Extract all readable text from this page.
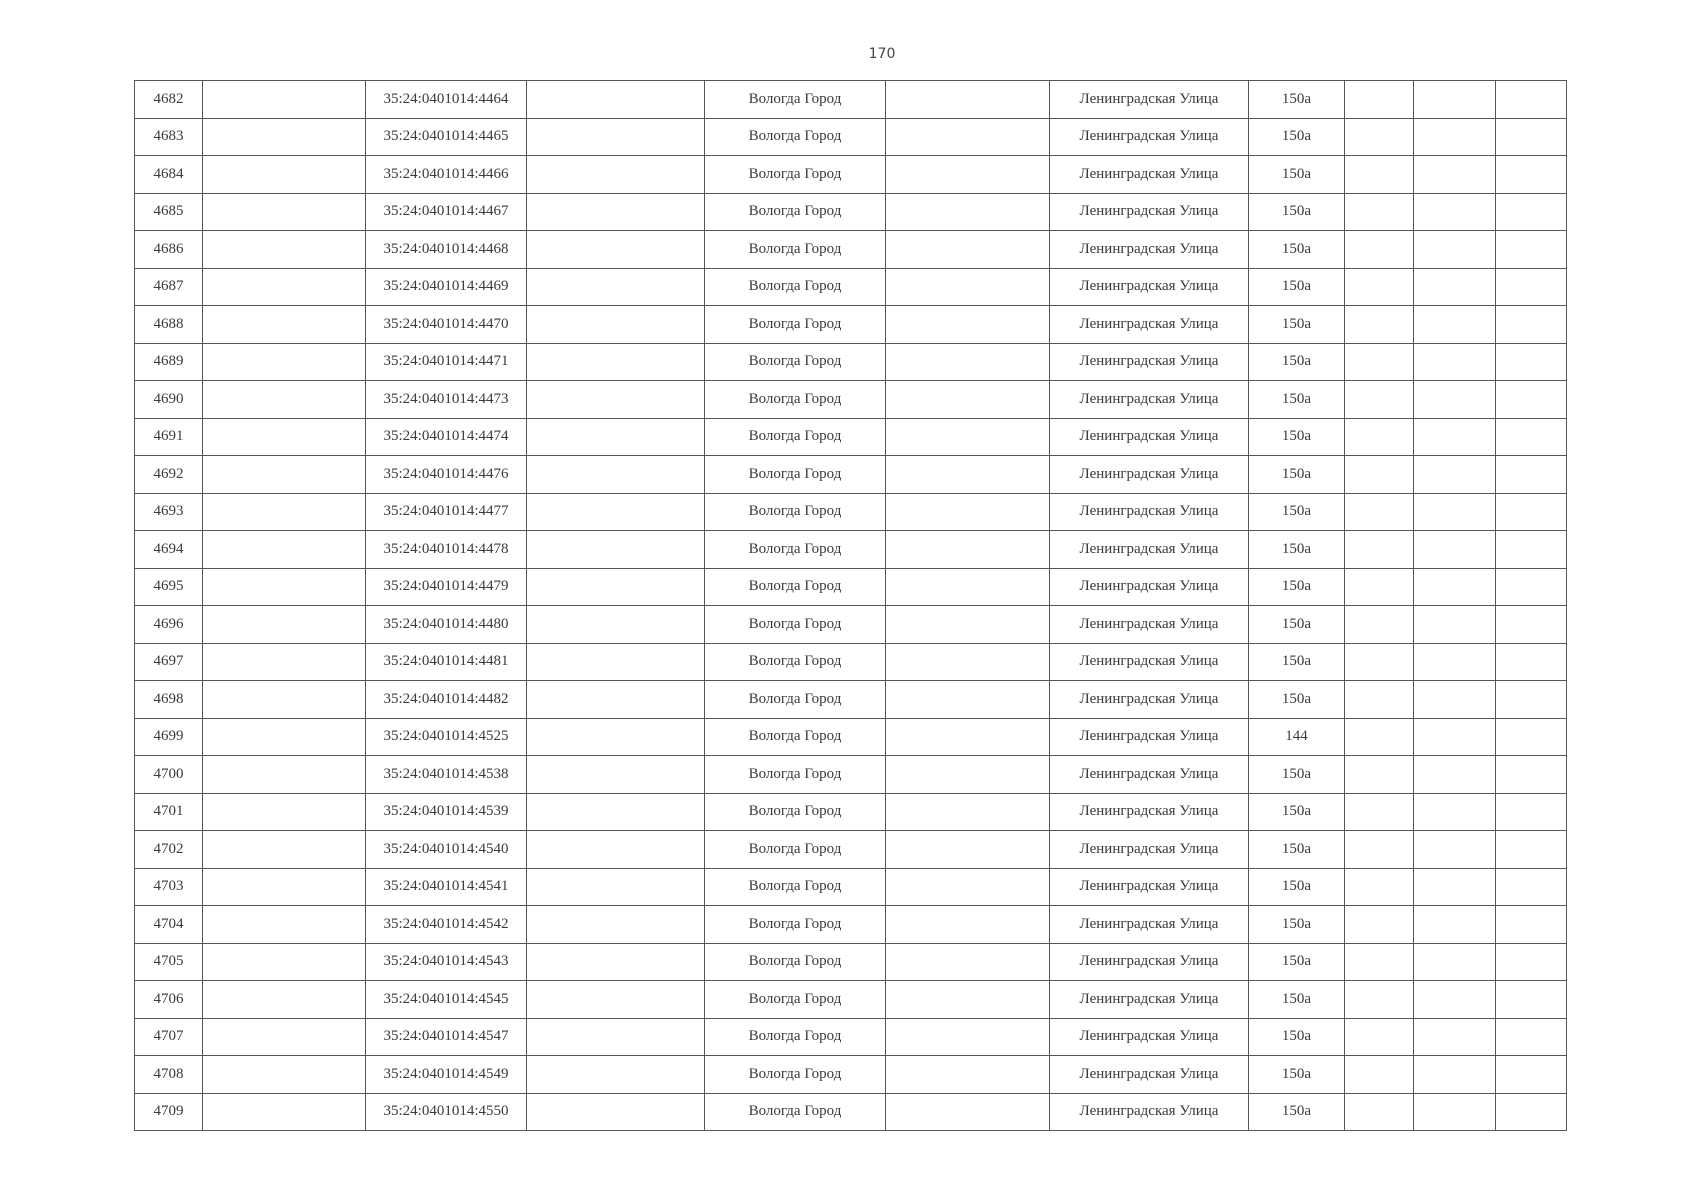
170
4682		35:24:0401014:4464		Вологда Город		Ленинградская Улица	150а			
4683		35:24:0401014:4465		Вологда Город		Ленинградская Улица	150а			
4684		35:24:0401014:4466		Вологда Город		Ленинградская Улица	150а			
4685		35:24:0401014:4467		Вологда Город		Ленинградская Улица	150а			
4686		35:24:0401014:4468		Вологда Город		Ленинградская Улица	150а			
4687		35:24:0401014:4469		Вологда Город		Ленинградская Улица	150а			
4688		35:24:0401014:4470		Вологда Город		Ленинградская Улица	150а			
4689		35:24:0401014:4471		Вологда Город		Ленинградская Улица	150а			
4690		35:24:0401014:4473		Вологда Город		Ленинградская Улица	150а			
4691		35:24:0401014:4474		Вологда Город		Ленинградская Улица	150а			
4692		35:24:0401014:4476		Вологда Город		Ленинградская Улица	150а			
4693		35:24:0401014:4477		Вологда Город		Ленинградская Улица	150а			
4694		35:24:0401014:4478		Вологда Город		Ленинградская Улица	150а			
4695		35:24:0401014:4479		Вологда Город		Ленинградская Улица	150а			
4696		35:24:0401014:4480		Вологда Город		Ленинградская Улица	150а			
4697		35:24:0401014:4481		Вологда Город		Ленинградская Улица	150а			
4698		35:24:0401014:4482		Вологда Город		Ленинградская Улица	150а			
4699		35:24:0401014:4525		Вологда Город		Ленинградская Улица	144			
4700		35:24:0401014:4538		Вологда Город		Ленинградская Улица	150а			
4701		35:24:0401014:4539		Вологда Город		Ленинградская Улица	150а			
4702		35:24:0401014:4540		Вологда Город		Ленинградская Улица	150а			
4703		35:24:0401014:4541		Вологда Город		Ленинградская Улица	150а			
4704		35:24:0401014:4542		Вологда Город		Ленинградская Улица	150а			
4705		35:24:0401014:4543		Вологда Город		Ленинградская Улица	150а			
4706		35:24:0401014:4545		Вологда Город		Ленинградская Улица	150а			
4707		35:24:0401014:4547		Вологда Город		Ленинградская Улица	150а			
4708		35:24:0401014:4549		Вологда Город		Ленинградская Улица	150а			
4709		35:24:0401014:4550		Вологда Город		Ленинградская Улица	150а			
